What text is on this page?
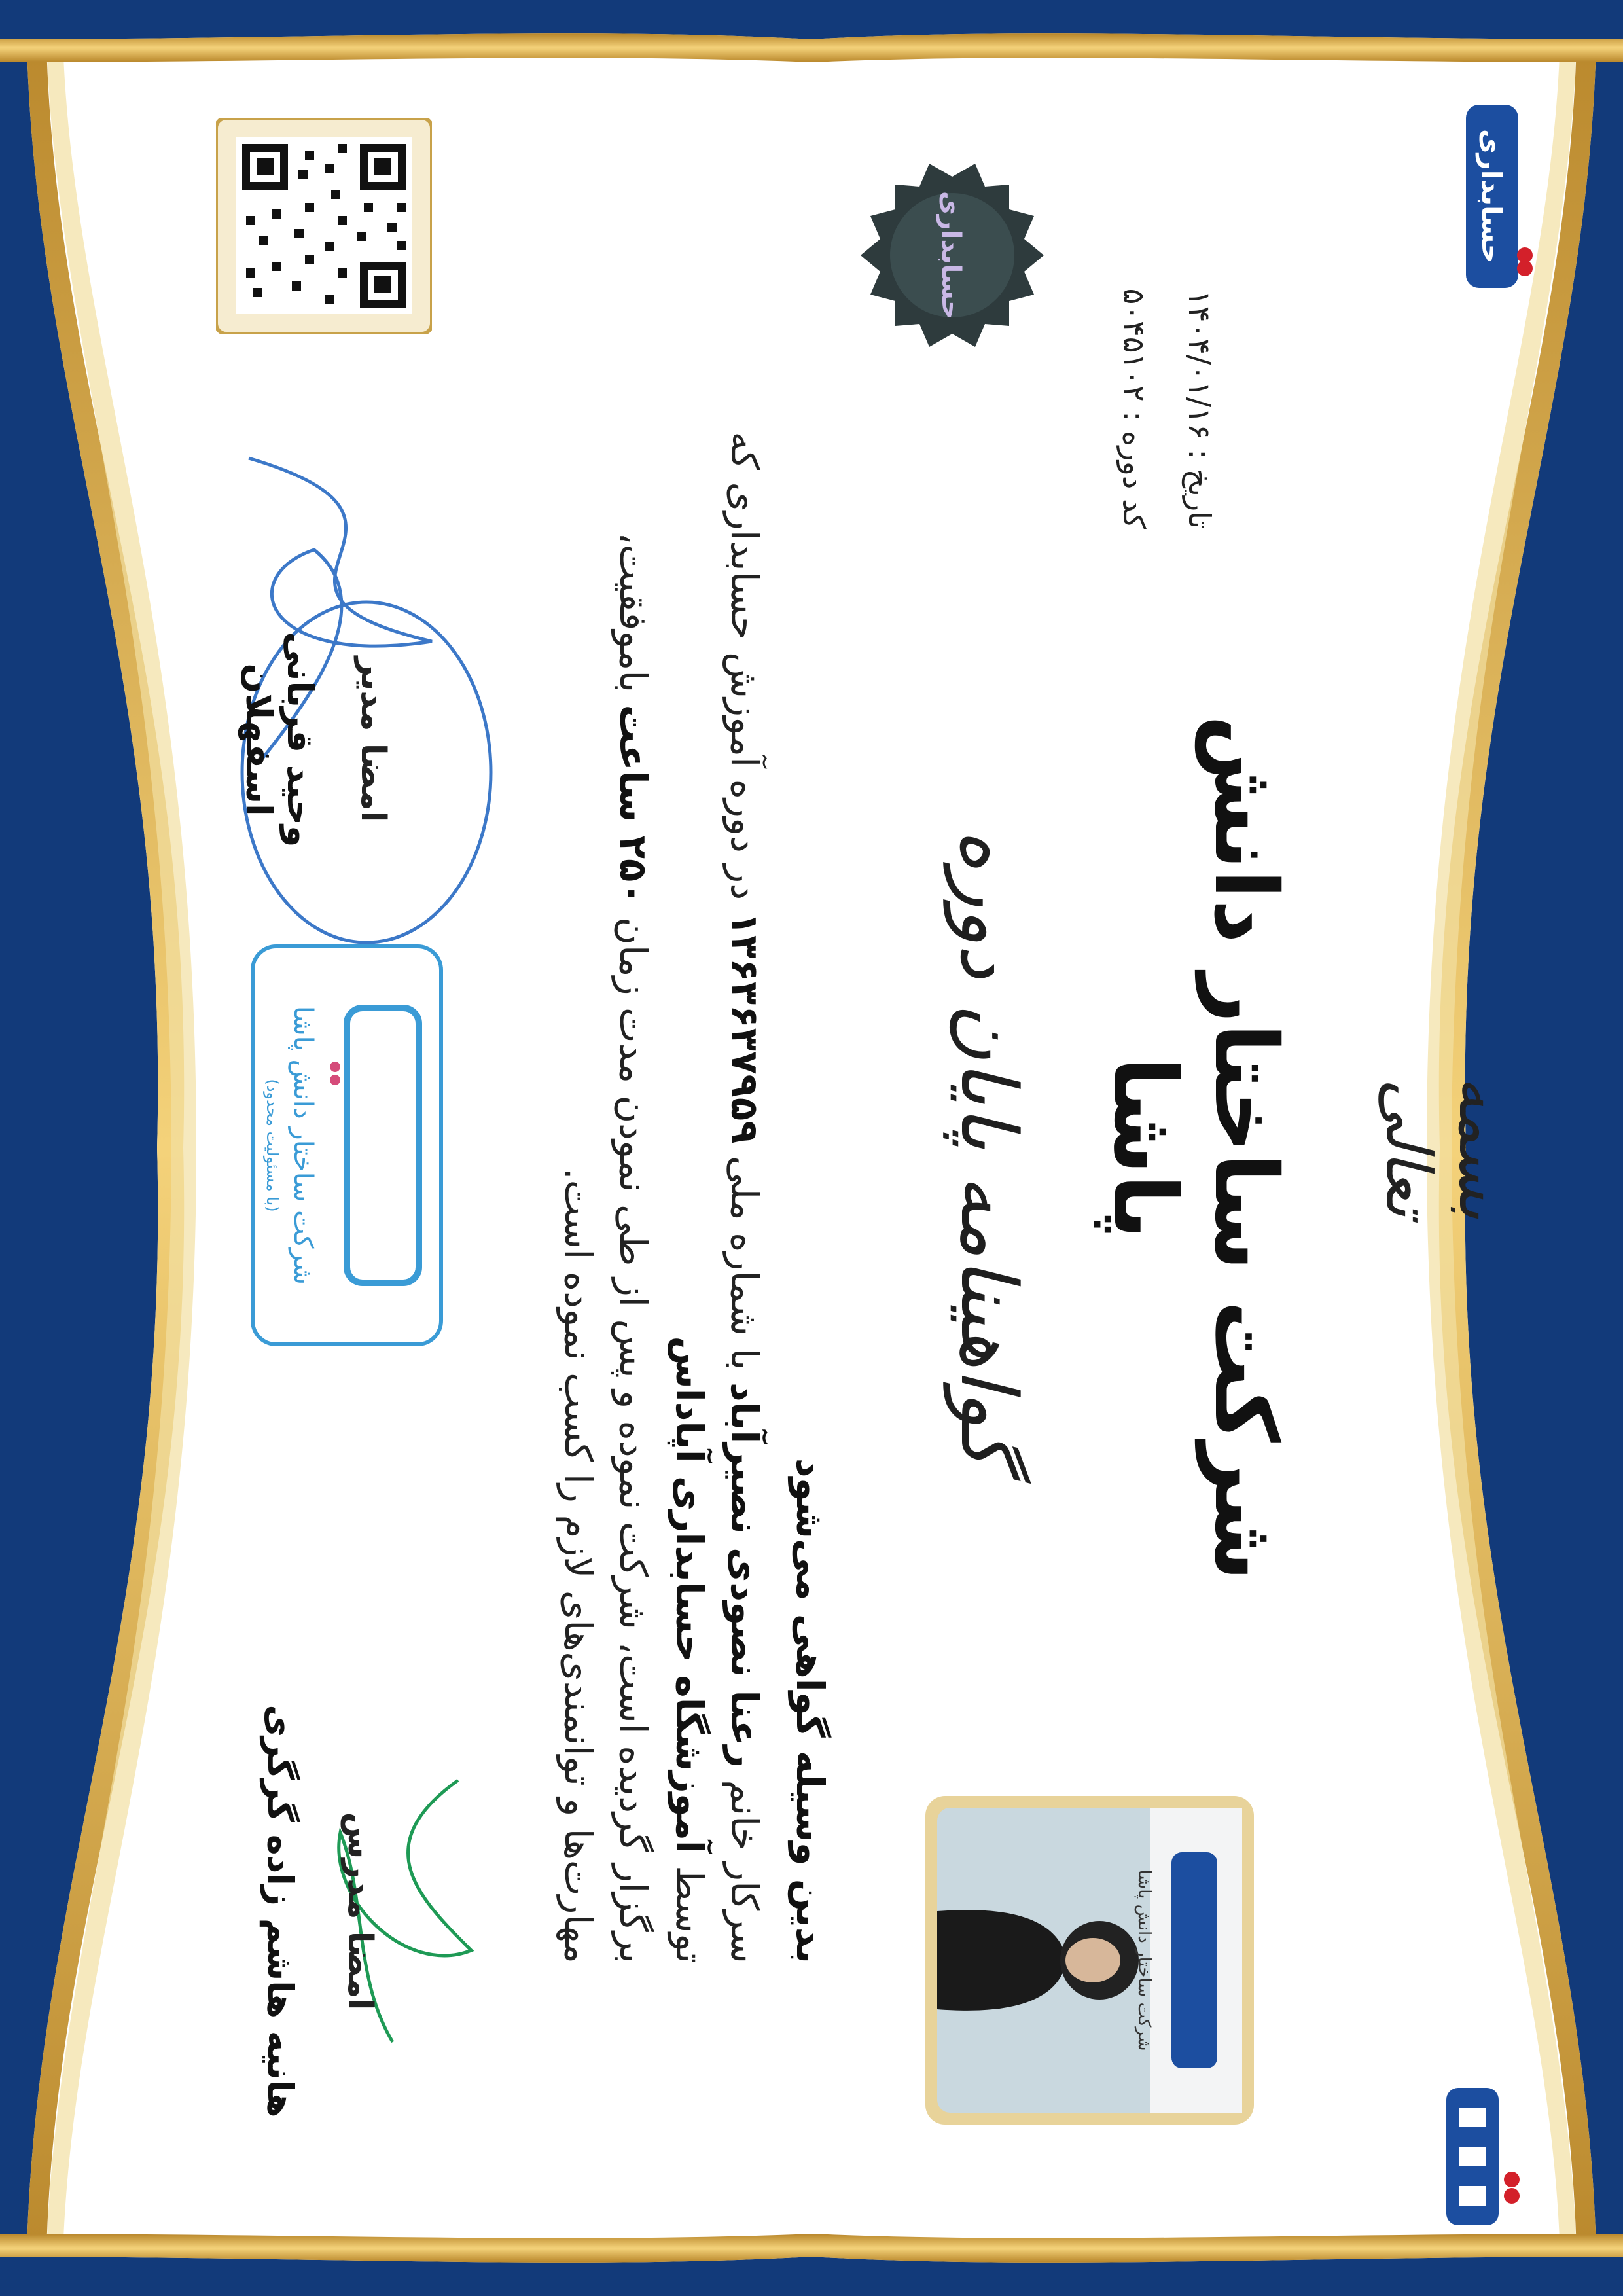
حسابداری
شرکت ساختار دانش پاشا
بسمه تعالی
شرکت ساختار دانش پاشا
گواهینامه پایان دوره
تاریخ : ۱۴۰۴/۰۱/۱۶
کد دوره : ۵۰۴۵۱۰۲
حسابداری
بدین وسیله گواهی می‌شود
سرکار خانم رعنا نصودی نصیرآباد با شماره ملی ۱۳۶۳۶۳۷۹۵۹ در دوره آموزش حسابداری که توسط آموزشگاه حسابداری آپاداس
برگزار گردیده است، شرکت نموده و پس از طی نمودن مدت زمان ۲۵۰ ساعت باموفقیت، مهارت‌ها و توانمندی‌های لازم را کسب نموده است.
امضا مدرس
هانیه هاشم زاده گرگری
شرکت ساختار دانش پاشا
(با مسئولیت محدود)
امضا مدیر
وحید قربانی اسفهلان
